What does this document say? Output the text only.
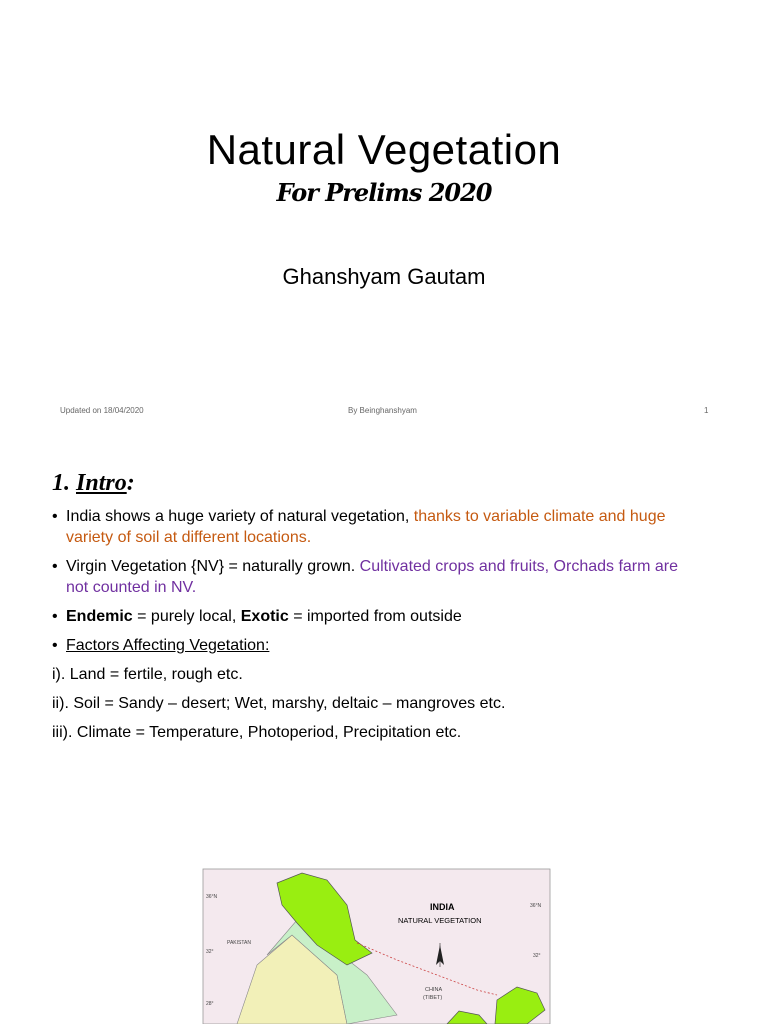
Natural Vegetation
For Prelims 2020
Ghanshyam Gautam
Updated on 18/04/2020	By Beinghanshyam	1
1. Intro:
• India shows a huge variety of natural vegetation, thanks to variable climate and huge variety of soil at different locations.
• Virgin Vegetation {NV} = naturally grown. Cultivated crops and fruits, Orchads farm are not counted in NV.
• Endemic = purely local, Exotic = imported from outside
• Factors Affecting Vegetation:
i). Land = fertile, rough etc.
ii). Soil = Sandy – desert; Wet, marshy, deltaic – mangroves etc.
iii). Climate = Temperature, Photoperiod, Precipitation etc.
INDIA
NATURAL VEGETATION
PAKISTAN
CHINA
(TIBET)
36°N
32°
28°
36°N
32°
